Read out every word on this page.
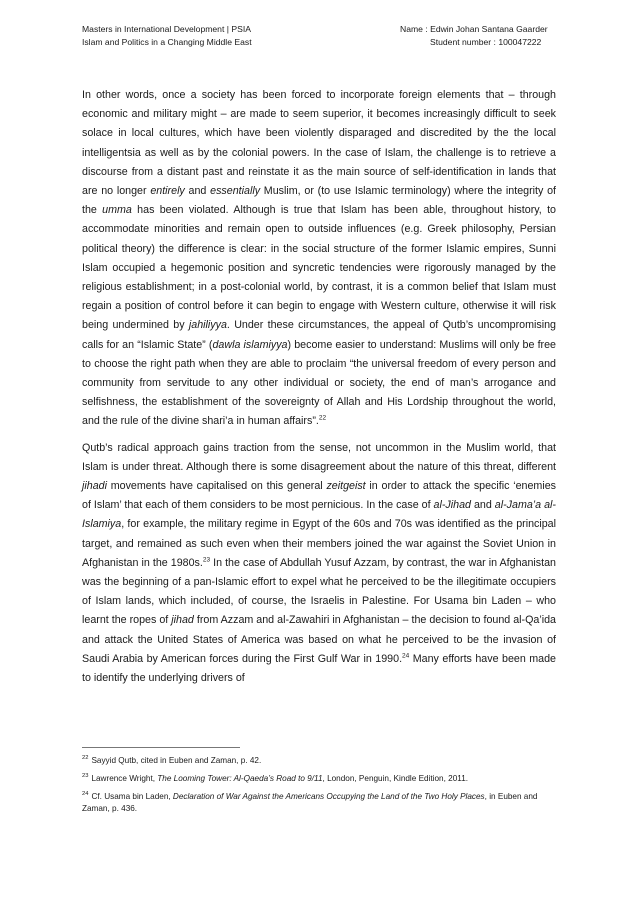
Masters in International Development | PSIA
Islam and Politics in a Changing Middle East
Name : Edwin Johan Santana Gaarder
Student number : 100047222

In other words, once a society has been forced to incorporate foreign elements that – through economic and military might – are made to seem superior, it becomes increasingly difficult to seek solace in local cultures, which have been violently disparaged and discredited by the the local intelligentsia as well as by the colonial powers. In the case of Islam, the challenge is to retrieve a discourse from a distant past and reinstate it as the main source of self-identification in lands that are no longer entirely and essentially Muslim, or (to use Islamic terminology) where the integrity of the umma has been violated. Although is true that Islam has been able, throughout history, to accommodate minorities and remain open to outside influences (e.g. Greek philosophy, Persian political theory) the difference is clear: in the social structure of the former Islamic empires, Sunni Islam occupied a hegemonic position and syncretic tendencies were rigorously managed by the religious establishment; in a post-colonial world, by contrast, it is a common belief that Islam must regain a position of control before it can begin to engage with Western culture, otherwise it will risk being undermined by jahiliyya. Under these circumstances, the appeal of Qutb’s uncompromising calls for an “Islamic State” (dawla islamiyya) become easier to understand: Muslims will only be free to choose the right path when they are able to proclaim “the universal freedom of every person and community from servitude to any other individual or society, the end of man’s arrogance and selfishness, the establishment of the sovereignty of Allah and His Lordship throughout the world, and the rule of the divine shari’a in human affairs”.$^{22}$

Qutb’s radical approach gains traction from the sense, not uncommon in the Muslim world, that Islam is under threat. Although there is some disagreement about the nature of this threat, different jihadi movements have capitalised on this general zeitgeist in order to attack the specific ‘enemies of Islam’ that each of them considers to be most pernicious. In the case of al-Jihad and al-Jama’a al-Islamiya, for example, the military regime in Egypt of the 60s and 70s was identified as the principal target, and remained as such even when their members joined the war against the Soviet Union in Afghanistan in the 1980s.$^{23}$ In the case of Abdullah Yusuf Azzam, by contrast, the war in Afghanistan was the beginning of a pan-Islamic effort to expel what he perceived to be the illegitimate occupiers of Islam lands, which included, of course, the Israelis in Palestine. For Usama bin Laden – who learnt the ropes of jihad from Azzam and al-Zawahiri in Afghanistan – the decision to found al-Qa’ida and attack the United States of America was based on what he perceived to be the invasion of Saudi Arabia by American forces during the First Gulf War in 1990.24 Many efforts have been made to identify the underlying drivers of

$^{22}$ Sayyid Qutb, cited in Euben and Zaman, p. 42.

$^{23}$ Lawrence Wright, The Looming Tower: Al-Qaeda’s Road to 9/11, London, Penguin, Kindle Edition, 2011.

$^{24}$ Cf. Usama bin Laden, Declaration of War Against the Americans Occupying the Land of the Two Holy Places, in Euben and Zaman, p. 436.
